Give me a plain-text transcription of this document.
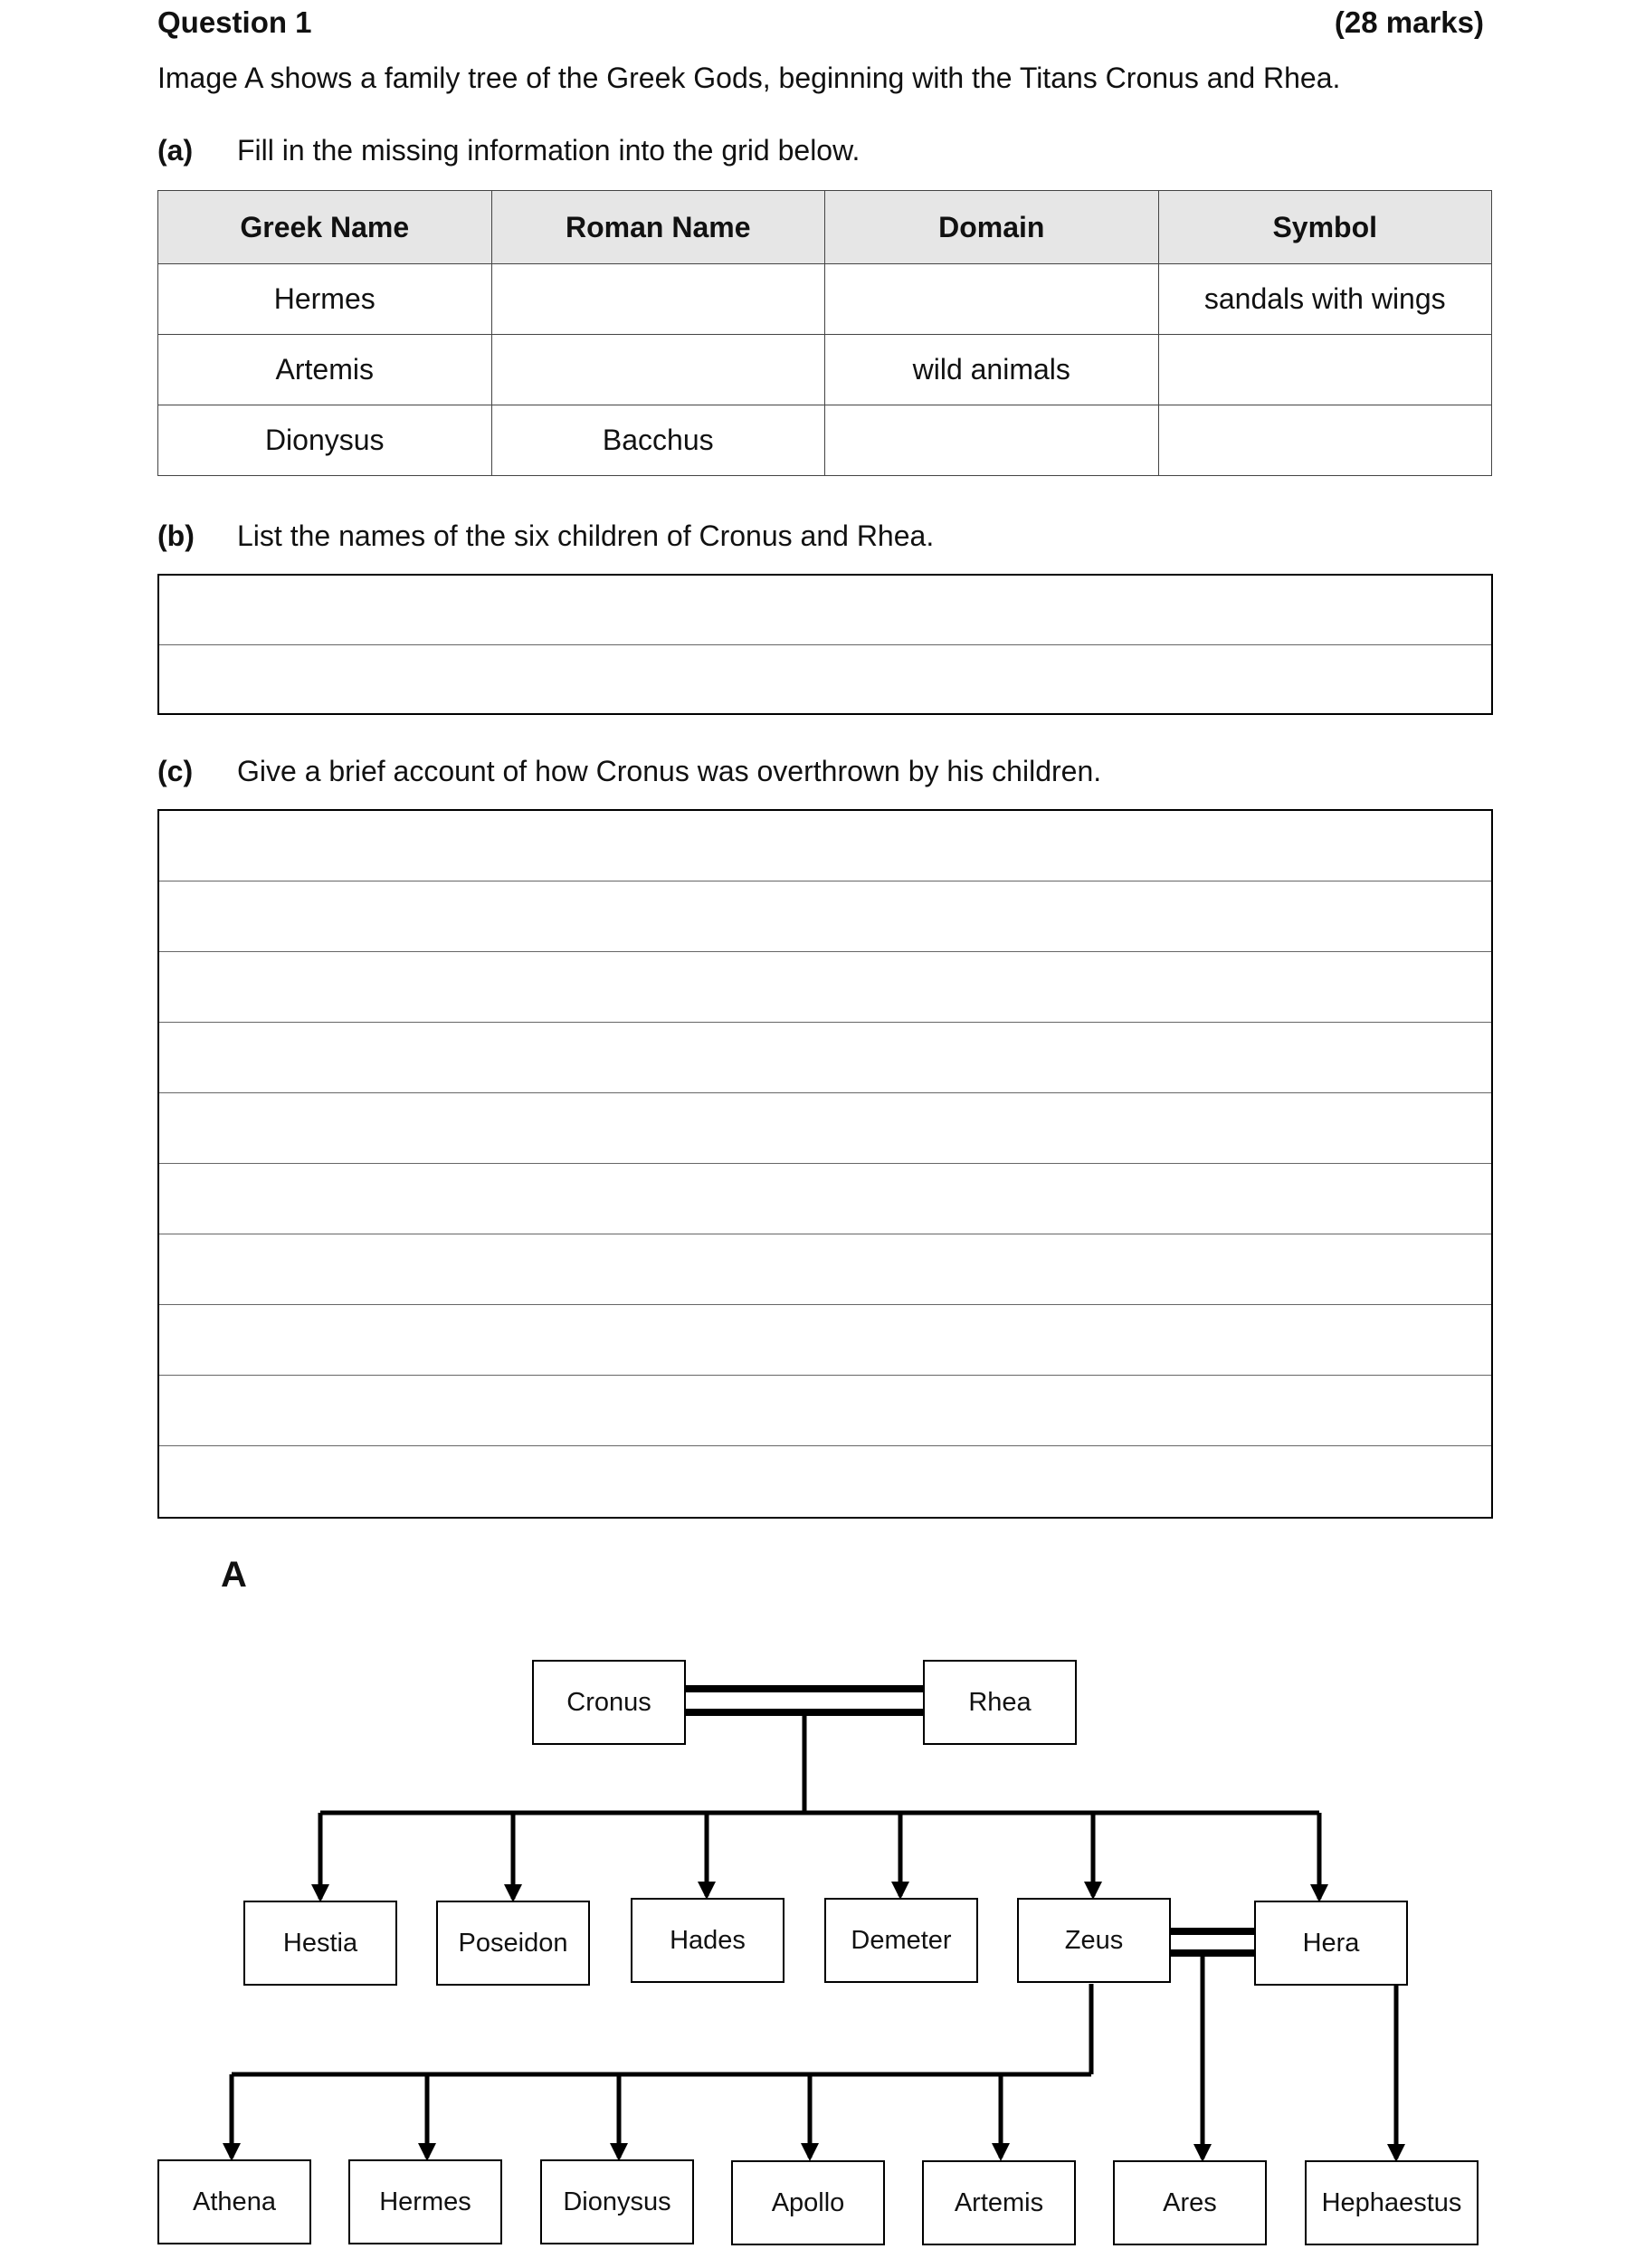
Question 1	(28 marks)
Image A shows a family tree of the Greek Gods, beginning with the Titans Cronus and Rhea.
(a) Fill in the missing information into the grid below.
Greek Name	Roman Name	Domain	Symbol
Hermes			sandals with wings
Artemis		wild animals	
Dionysus	Bacchus		
(b) List the names of the six children of Cronus and Rhea.
(c) Give a brief account of how Cronus was overthrown by his children.
A
Cronus	Rhea
Hestia	Poseidon	Hades	Demeter	Zeus	Hera
Athena	Hermes	Dionysus	Apollo	Artemis	Ares	Hephaestus
